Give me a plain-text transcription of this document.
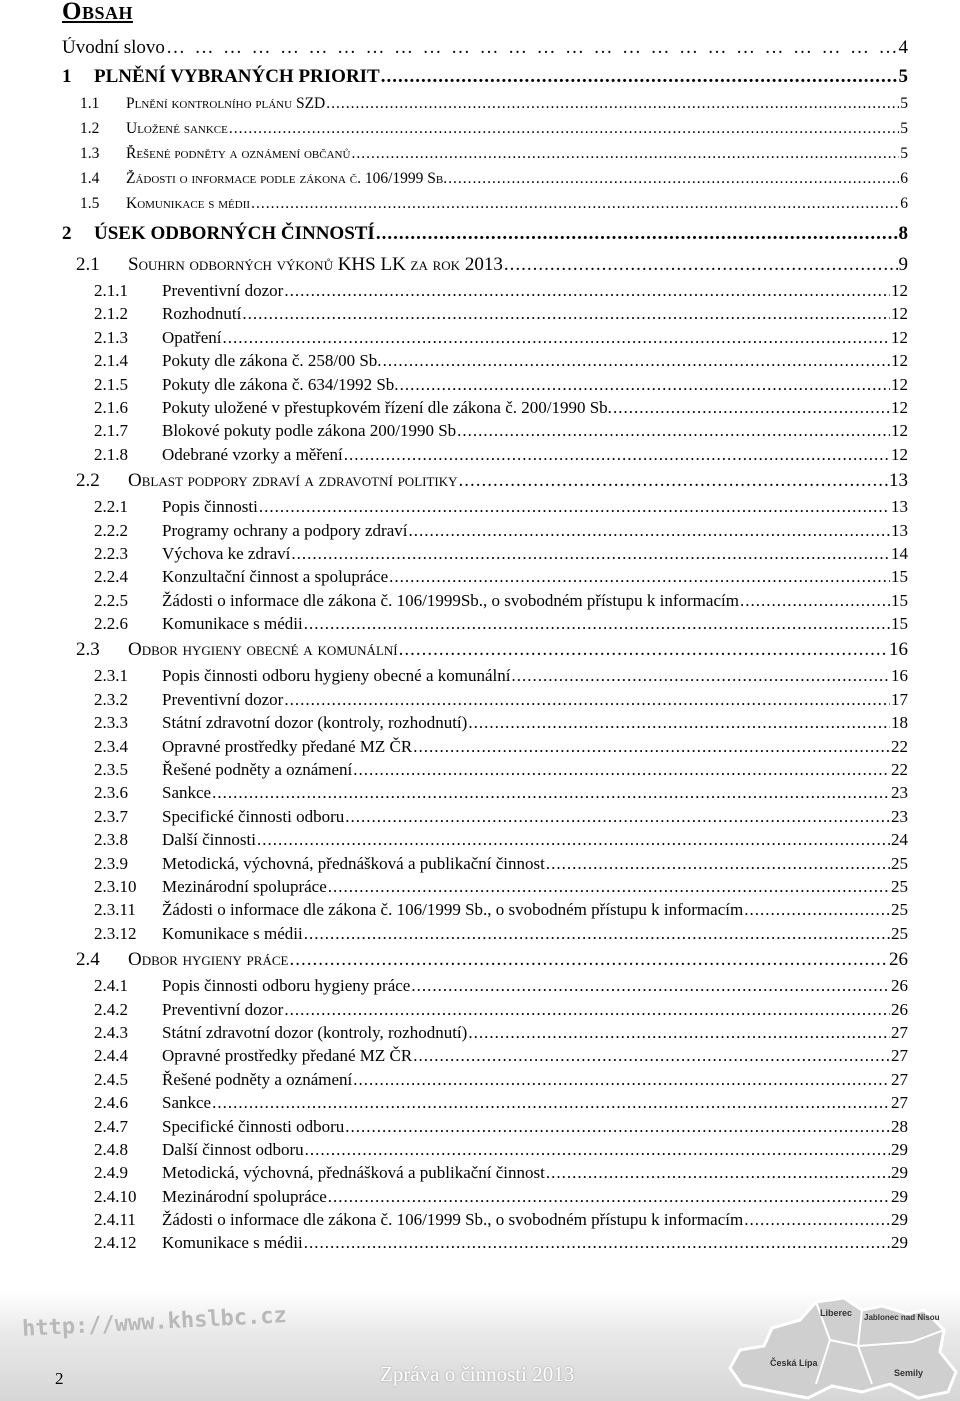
Obsah
Úvodní slovo …  …  …  …  …  …  …  …  …  …  …  …  …  …  …  …  …  …  …  …  …  …  …  …  …  …  …  …  …  …	4
1	PLNĚNÍ VYBRANÝCH PRIORIT .....	5
1.1	Plnění kontrolního plánu SZD .....	5
1.2	Uložené sankce .....	5
1.3	Řešené podněty a oznámení občanů .....	5
1.4	Žádosti o informace podle zákona č. 106/1999 Sb. .....	6
1.5	Komunikace s médii .....	6
2	ÚSEK ODBORNÝCH ČINNOSTÍ .....	8
2.1	Souhrn odborných výkonů KHS LK za rok 2013 .....	9
2.1.1	Preventivní dozor .....	12
2.1.2	Rozhodnutí .....	12
2.1.3	Opatření .....	12
2.1.4	Pokuty dle zákona č. 258/00 Sb. .....	12
2.1.5	Pokuty dle zákona č. 634/1992 Sb. .....	12
2.1.6	Pokuty uložené v přestupkovém řízení dle zákona č. 200/1990 Sb. .....	12
2.1.7	Blokové pokuty podle zákona 200/1990 Sb .....	12
2.1.8	Odebrané vzorky a měření .....	12
2.2	Oblast podpory zdraví a zdravotní politiky .....	13
2.2.1	Popis činnosti .....	13
2.2.2	Programy ochrany a podpory zdraví .....	13
2.2.3	Výchova ke zdraví .....	14
2.2.4	Konzultační činnost a spolupráce .....	15
2.2.5	Žádosti o informace dle zákona č. 106/1999Sb., o svobodném přístupu k informacím .....	15
2.2.6	Komunikace s médii .....	15
2.3	Odbor hygieny obecné a komunální .....	16
2.3.1	Popis činnosti odboru hygieny obecné a komunální .....	16
2.3.2	Preventivní dozor .....	17
2.3.3	Státní zdravotní dozor (kontroly, rozhodnutí) .....	18
2.3.4	Opravné prostředky předané MZ ČR .....	22
2.3.5	Řešené podněty a oznámení .....	22
2.3.6	Sankce .....	23
2.3.7	Specifické činnosti odboru .....	23
2.3.8	Další činnosti .....	24
2.3.9	Metodická, výchovná, přednášková a publikační činnost .....	25
2.3.10	Mezinárodní spolupráce .....	25
2.3.11	Žádosti o informace dle zákona č. 106/1999 Sb., o svobodném přístupu k informacím .....	25
2.3.12	Komunikace s médii .....	25
2.4	Odbor hygieny práce .....	26
2.4.1	Popis činnosti odboru hygieny práce .....	26
2.4.2	Preventivní dozor .....	26
2.4.3	Státní zdravotní dozor (kontroly, rozhodnutí) .....	27
2.4.4	Opravné prostředky předané MZ ČR .....	27
2.4.5	Řešené podněty a oznámení .....	27
2.4.6	Sankce .....	27
2.4.7	Specifické činnosti odboru .....	28
2.4.8	Další činnost odboru .....	29
2.4.9	Metodická, výchovná, přednášková a publikační činnost .....	29
2.4.10	Mezinárodní spolupráce .....	29
2.4.11	Žádosti o informace dle zákona č. 106/1999 Sb., o svobodném přístupu k informacím .....	29
2.4.12	Komunikace s médii .....	29
http://www.khslbc.cz	Liberec Jablonec nad Nisou
Česká Lípa
Semily
2	Zpráva o činnosti 2013
